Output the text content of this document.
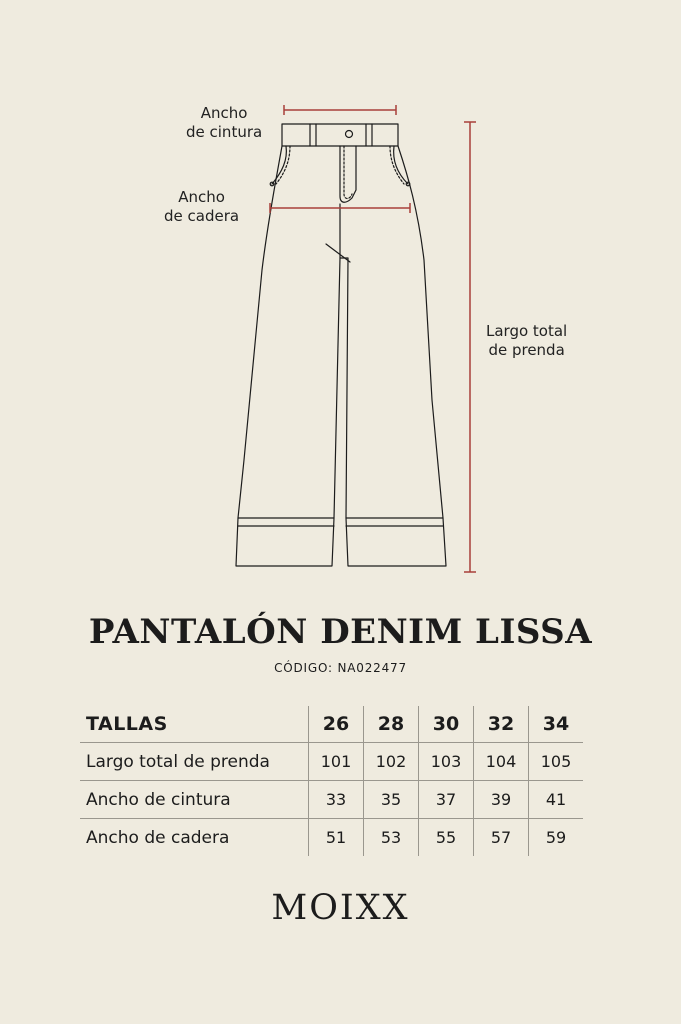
Ancho
de cintura
Ancho
de cadera
Largo total
de prenda
PANTALÓN DENIM LISSA
CÓDIGO: NA022477
TALLAS	26	28	30	32	34
Largo total de prenda	101	102	103	104	105
Ancho de cintura	33	35	37	39	41
Ancho de cadera	51	53	55	57	59
MOIXX
